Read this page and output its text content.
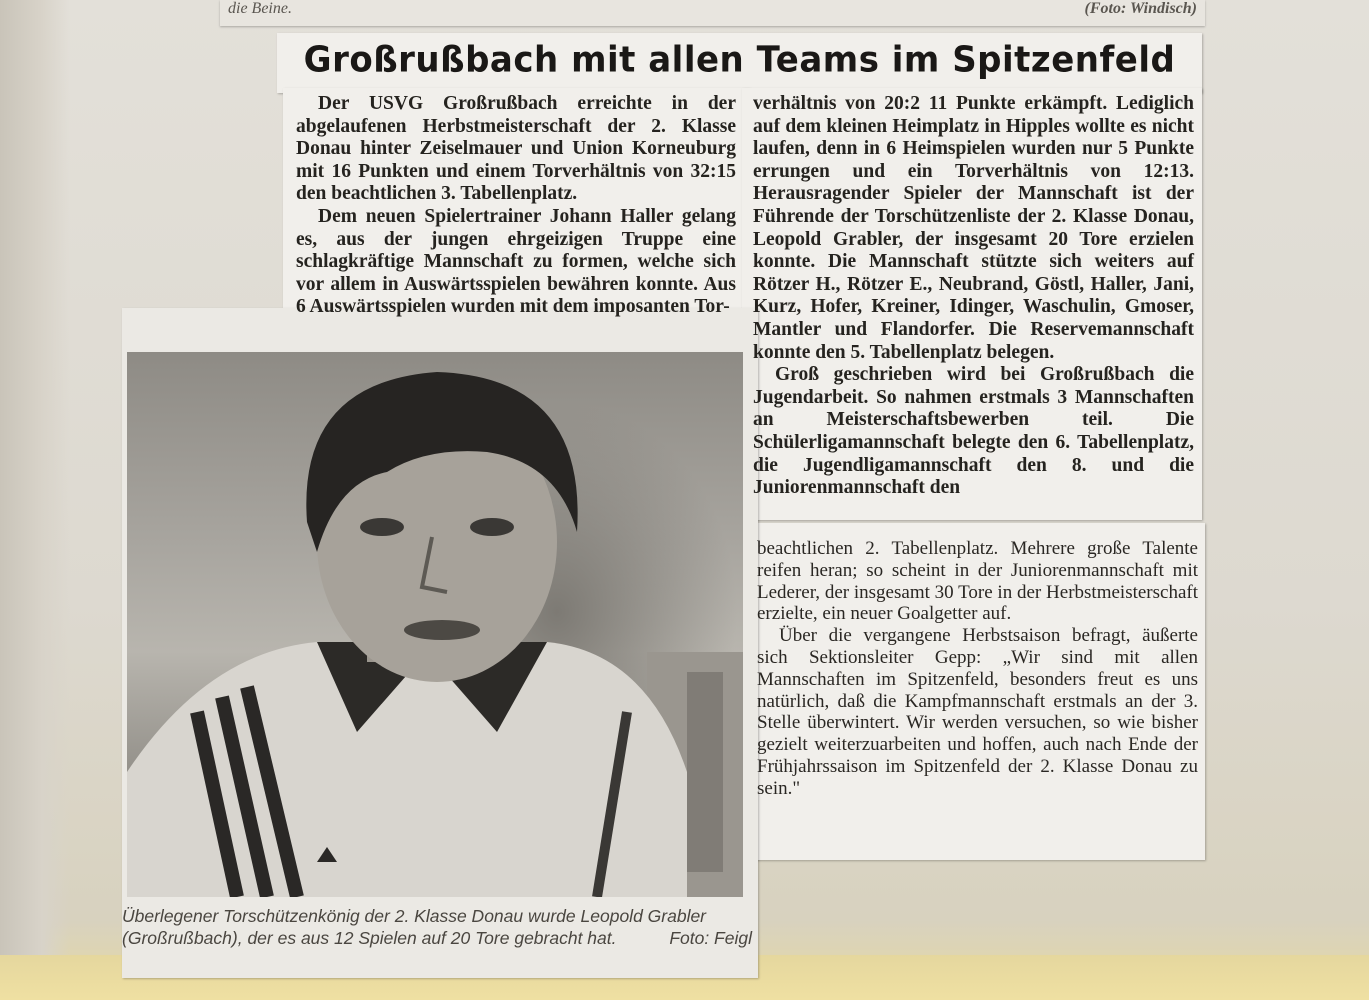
die Beine.	(Foto: Windisch)
Großrußbach mit allen Teams im Spitzenfeld

Der USVG Großrußbach erreichte in der abgelaufenen Herbstmeisterschaft der 2. Klasse Donau hinter Zeiselmauer und Union Korneuburg mit 16 Punkten und einem Torverhältnis von 32:15 den beachtlichen 3. Tabellenplatz.

Dem neuen Spielertrainer Johann Haller gelang es, aus der jungen ehrgeizigen Truppe eine schlagkräftige Mannschaft zu formen, welche sich vor allem in Auswärtsspielen bewähren konnte. Aus 6 Auswärtsspielen wurden mit dem imposanten Tor-

verhältnis von 20:2 11 Punkte erkämpft. Lediglich auf dem kleinen Heimplatz in Hipples wollte es nicht laufen, denn in 6 Heimspielen wurden nur 5 Punkte errungen und ein Torverhältnis von 12:13. Herausragender Spieler der Mannschaft ist der Führende der Torschützenliste der 2. Klasse Donau, Leopold Grabler, der insgesamt 20 Tore erzielen konnte. Die Mannschaft stützte sich weiters auf Rötzer H., Rötzer E., Neubrand, Göstl, Haller, Jani, Kurz, Hofer, Kreiner, Idinger, Waschulin, Gmoser, Mantler und Flandorfer. Die Reservemannschaft konnte den 5. Tabellenplatz belegen.

Groß geschrieben wird bei Großrußbach die Jugendarbeit. So nahmen erstmals 3 Mannschaften an Meisterschaftsbewerben teil. Die Schülerligamannschaft belegte den 6. Tabellenplatz, die Jugendligamannschaft den 8. und die Juniorenmannschaft den

beachtlichen 2. Tabellenplatz. Mehrere große Talente reifen heran; so scheint in der Juniorenmannschaft mit Lederer, der insgesamt 30 Tore in der Herbstmeisterschaft erzielte, ein neuer Goalgetter auf.

Über die vergangene Herbstsaison befragt, äußerte sich Sektionsleiter Gepp: „Wir sind mit allen Mannschaften im Spitzenfeld, besonders freut es uns natürlich, daß die Kampfmannschaft erstmals an der 3. Stelle überwintert. Wir werden versuchen, so wie bisher gezielt weiterzuarbeiten und hoffen, auch nach Ende der Frühjahrssaison im Spitzenfeld der 2. Klasse Donau zu sein."

Überlegener Torschützenkönig der 2. Klasse Donau wurde Leopold Grabler (Großrußbach), der es aus 12 Spielen auf 20 Tore gebracht hat.	Foto: Feigl
